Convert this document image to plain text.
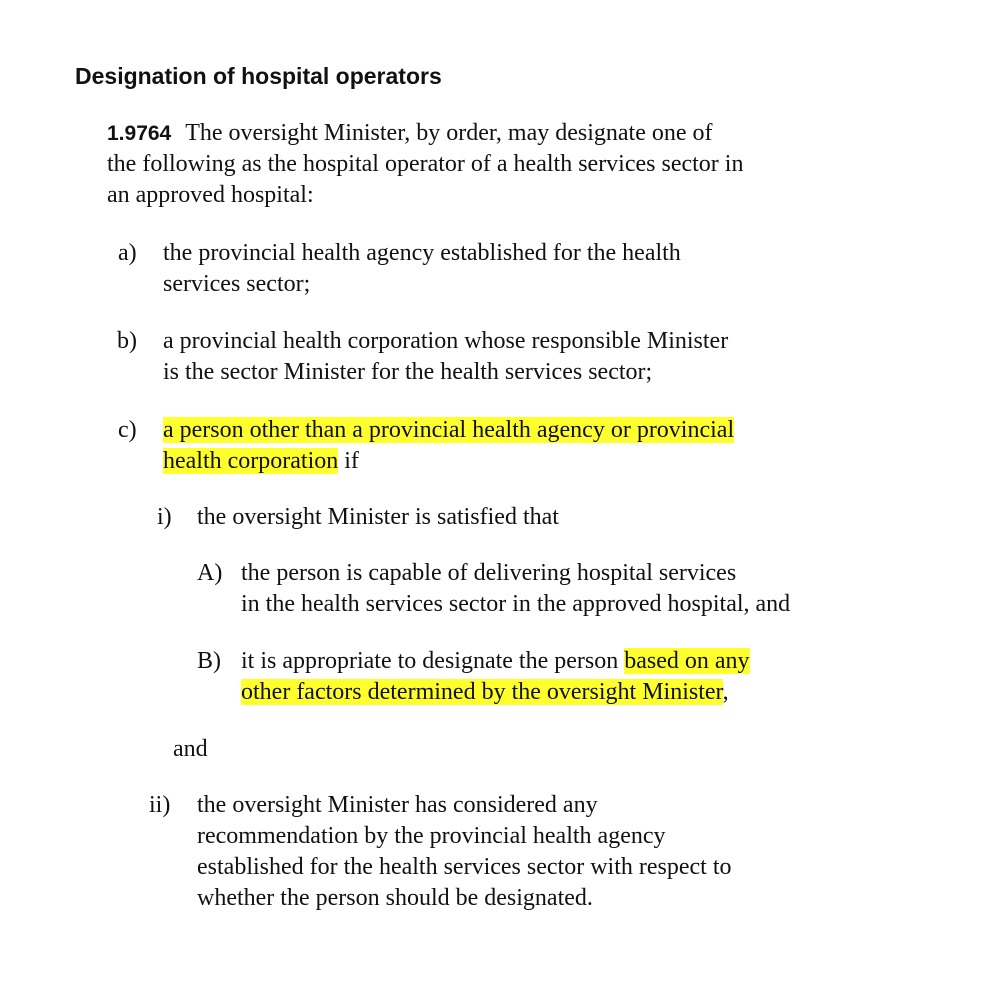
Designation of hospital operators
1.9764 The oversight Minister, by order, may designate one of
the following as the hospital operator of a health services sector in
an approved hospital:
a) the provincial health agency established for the health
services sector;
b) a provincial health corporation whose responsible Minister
is the sector Minister for the health services sector;
c) a person other than a provincial health agency or provincial
health corporation if
i) the oversight Minister is satisfied that
A) the person is capable of delivering hospital services
in the health services sector in the approved hospital, and
B) it is appropriate to designate the person based on any
other factors determined by the oversight Minister,
and
ii) the oversight Minister has considered any
recommendation by the provincial health agency
established for the health services sector with respect to
whether the person should be designated.
